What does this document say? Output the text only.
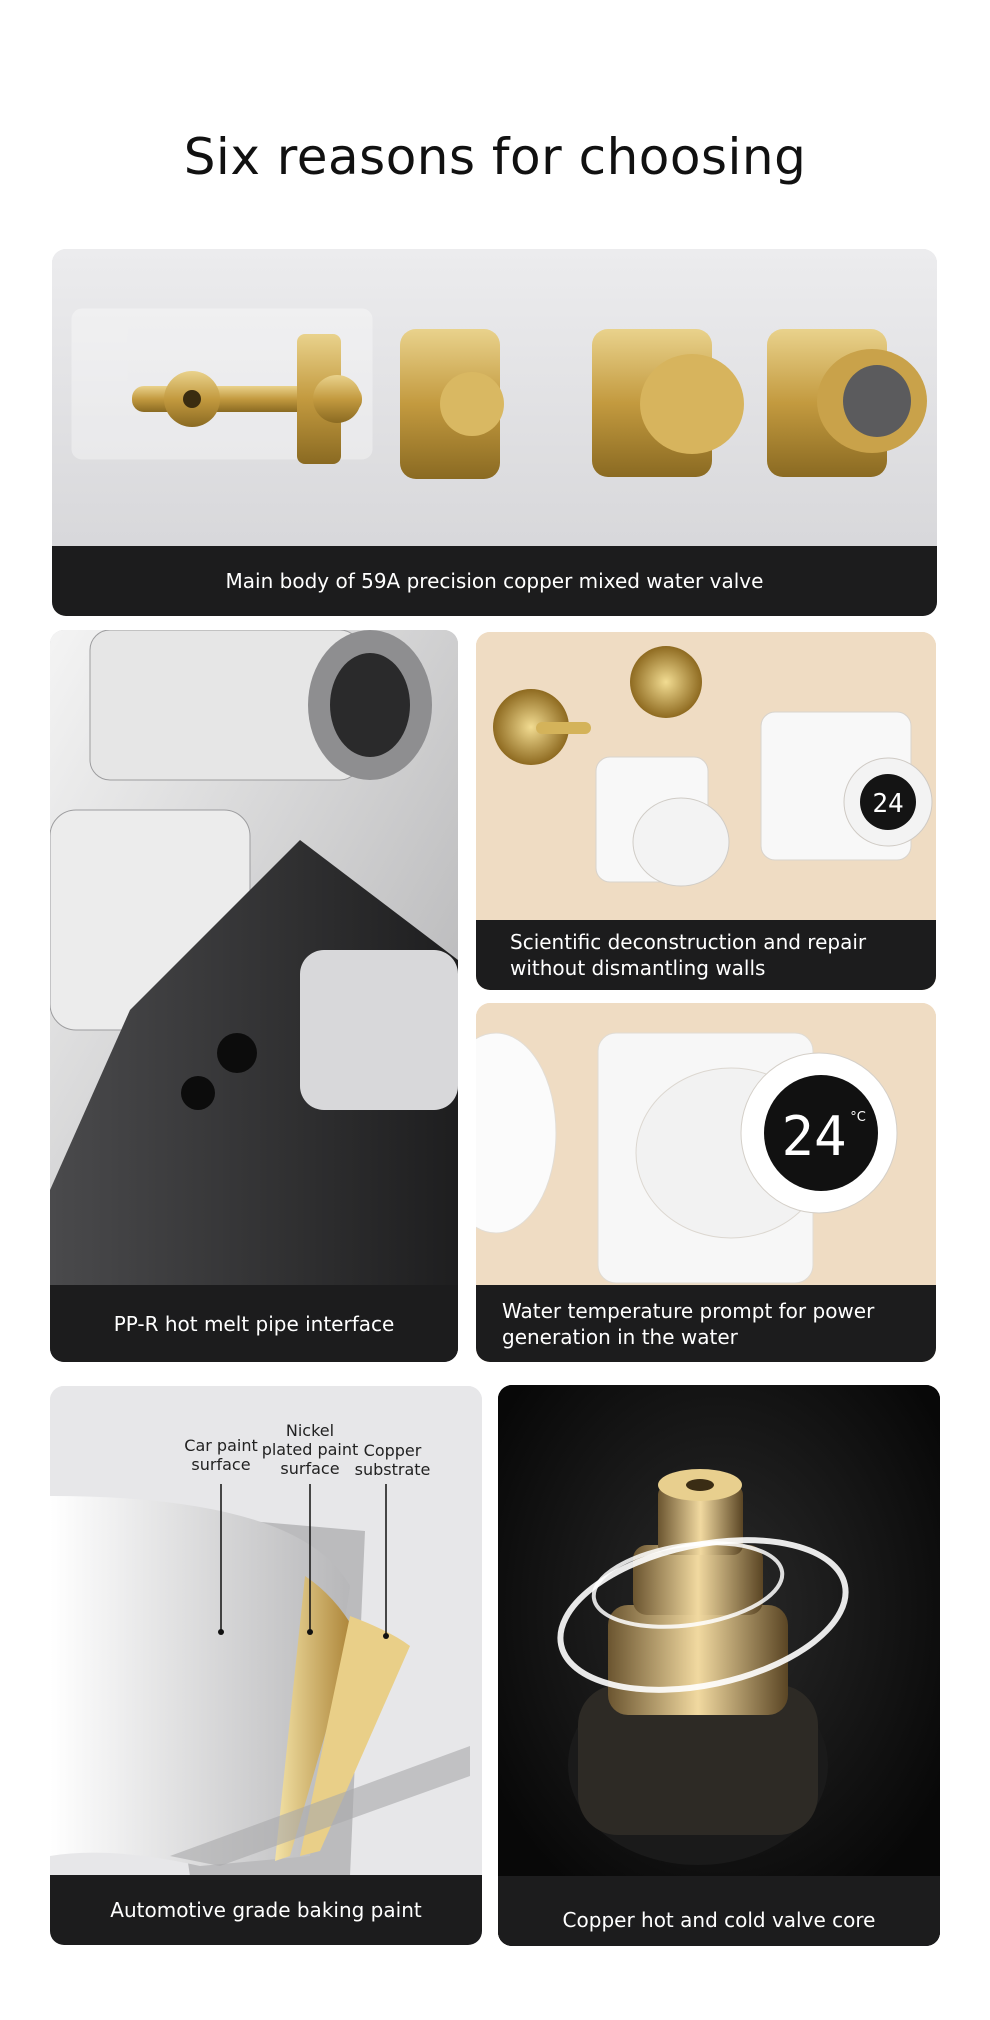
Six reasons for choosing
Main body of 59A precision copper mixed water valve
PP-R hot melt pipe interface
24
Scientific deconstruction and repair
without dismantling walls
24 °C
Water temperature prompt for power
generation in the water
Car paint
surface
Nickel
plated paint
surface
Copper
substrate
Automotive grade baking paint	Copper hot and cold valve core
